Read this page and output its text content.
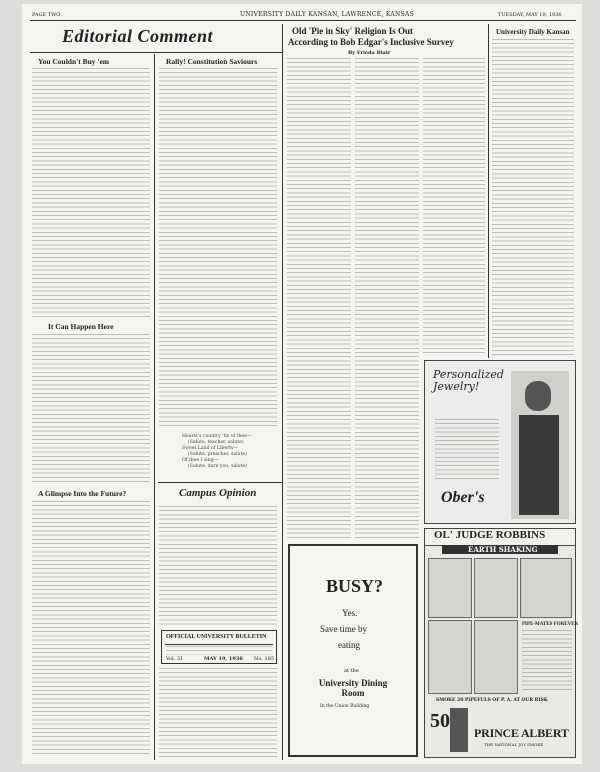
PAGE TWO	UNIVERSITY DAILY KANSAN, LAWRENCE, KANSAS	TUESDAY, MAY 19, 1936
Editorial Comment
You Couldn't Buy 'em
It Can Happen Here
A Glimpse Into the Future?
Rally! Constitution Saviours
Hearst's country 'tis of thee—
(Salute, teacher, salute)
Sweet Land of Liberty—
(Salute, preacher, salute)
Of thee I sing—
(Salute, darn you, salute)
Campus Opinion
OFFICIAL UNIVERSITY BULLETIN
Vol. 31	MAY 19, 1936 No. 185
Old 'Pie in Sky' Religion Is Out
According to Bob Edgar's Inclusive Survey
By Frieda Blair
University Daily Kansan
BUSY?
Yes.
Save time by
eating
at the
University Dining Room
In the Union Building
Personalized Jewelry!
Ober's
OL' JUDGE ROBBINS
EARTH SHAKING
PIPE-MATES FOREVER
SMOKE 20 PIPEFULS OF P. A. AT OUR RISK
50
PRINCE ALBERT
THE NATIONAL JOY SMOKE
